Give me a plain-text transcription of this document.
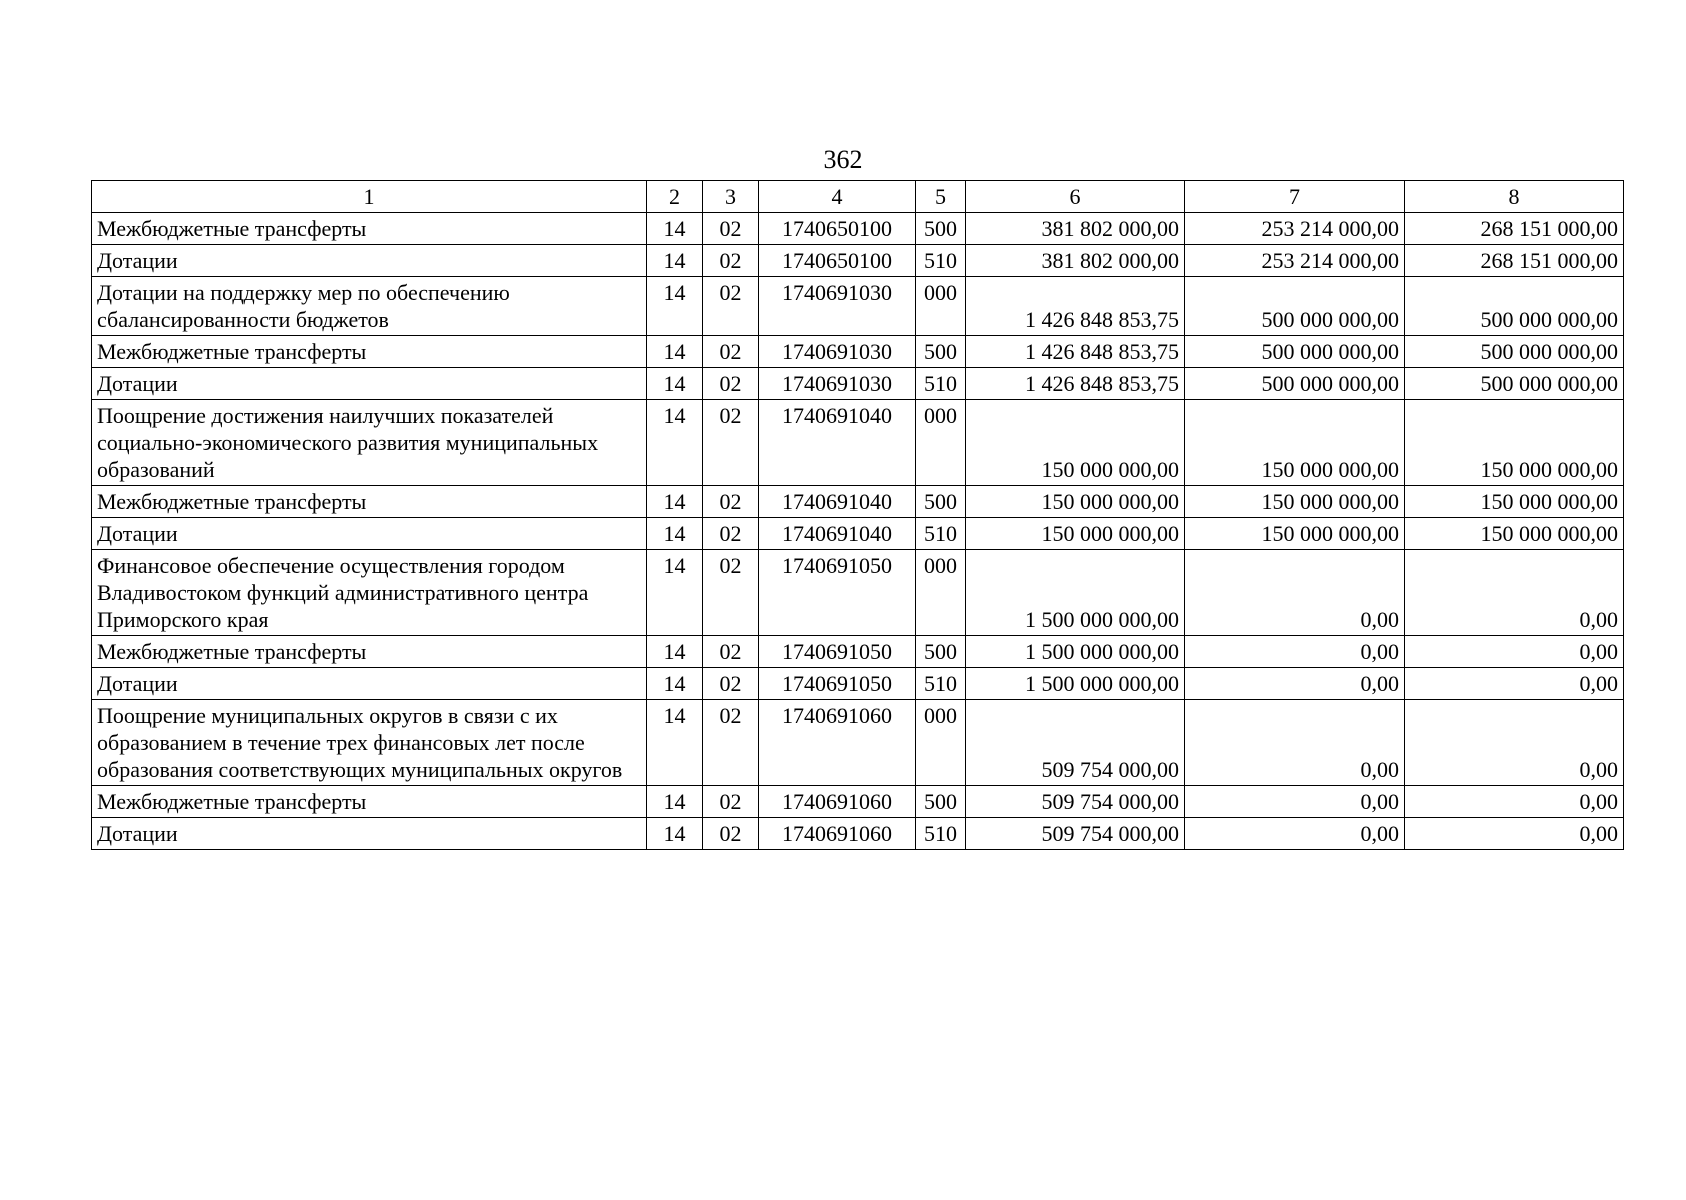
362
1	2	3	4	5	6	7	8
Межбюджетные трансферты	14	02	1740650100	500	381 802 000,00	253 214 000,00	268 151 000,00
Дотации	14	02	1740650100	510	381 802 000,00	253 214 000,00	268 151 000,00
Дотации на поддержку мер по обеспечению сбалансированности бюджетов	14	02	1740691030	000	1 426 848 853,75	500 000 000,00	500 000 000,00
Межбюджетные трансферты	14	02	1740691030	500	1 426 848 853,75	500 000 000,00	500 000 000,00
Дотации	14	02	1740691030	510	1 426 848 853,75	500 000 000,00	500 000 000,00
Поощрение достижения наилучших показателей социально-экономического развития муниципальных образований	14	02	1740691040	000	150 000 000,00	150 000 000,00	150 000 000,00
Межбюджетные трансферты	14	02	1740691040	500	150 000 000,00	150 000 000,00	150 000 000,00
Дотации	14	02	1740691040	510	150 000 000,00	150 000 000,00	150 000 000,00
Финансовое обеспечение осуществления городом Владивостоком функций административного центра Приморского края	14	02	1740691050	000	1 500 000 000,00	0,00	0,00
Межбюджетные трансферты	14	02	1740691050	500	1 500 000 000,00	0,00	0,00
Дотации	14	02	1740691050	510	1 500 000 000,00	0,00	0,00
Поощрение муниципальных округов в связи с их образованием в течение трех финансовых лет после образования соответствующих муниципальных округов	14	02	1740691060	000	509 754 000,00	0,00	0,00
Межбюджетные трансферты	14	02	1740691060	500	509 754 000,00	0,00	0,00
Дотации	14	02	1740691060	510	509 754 000,00	0,00	0,00
